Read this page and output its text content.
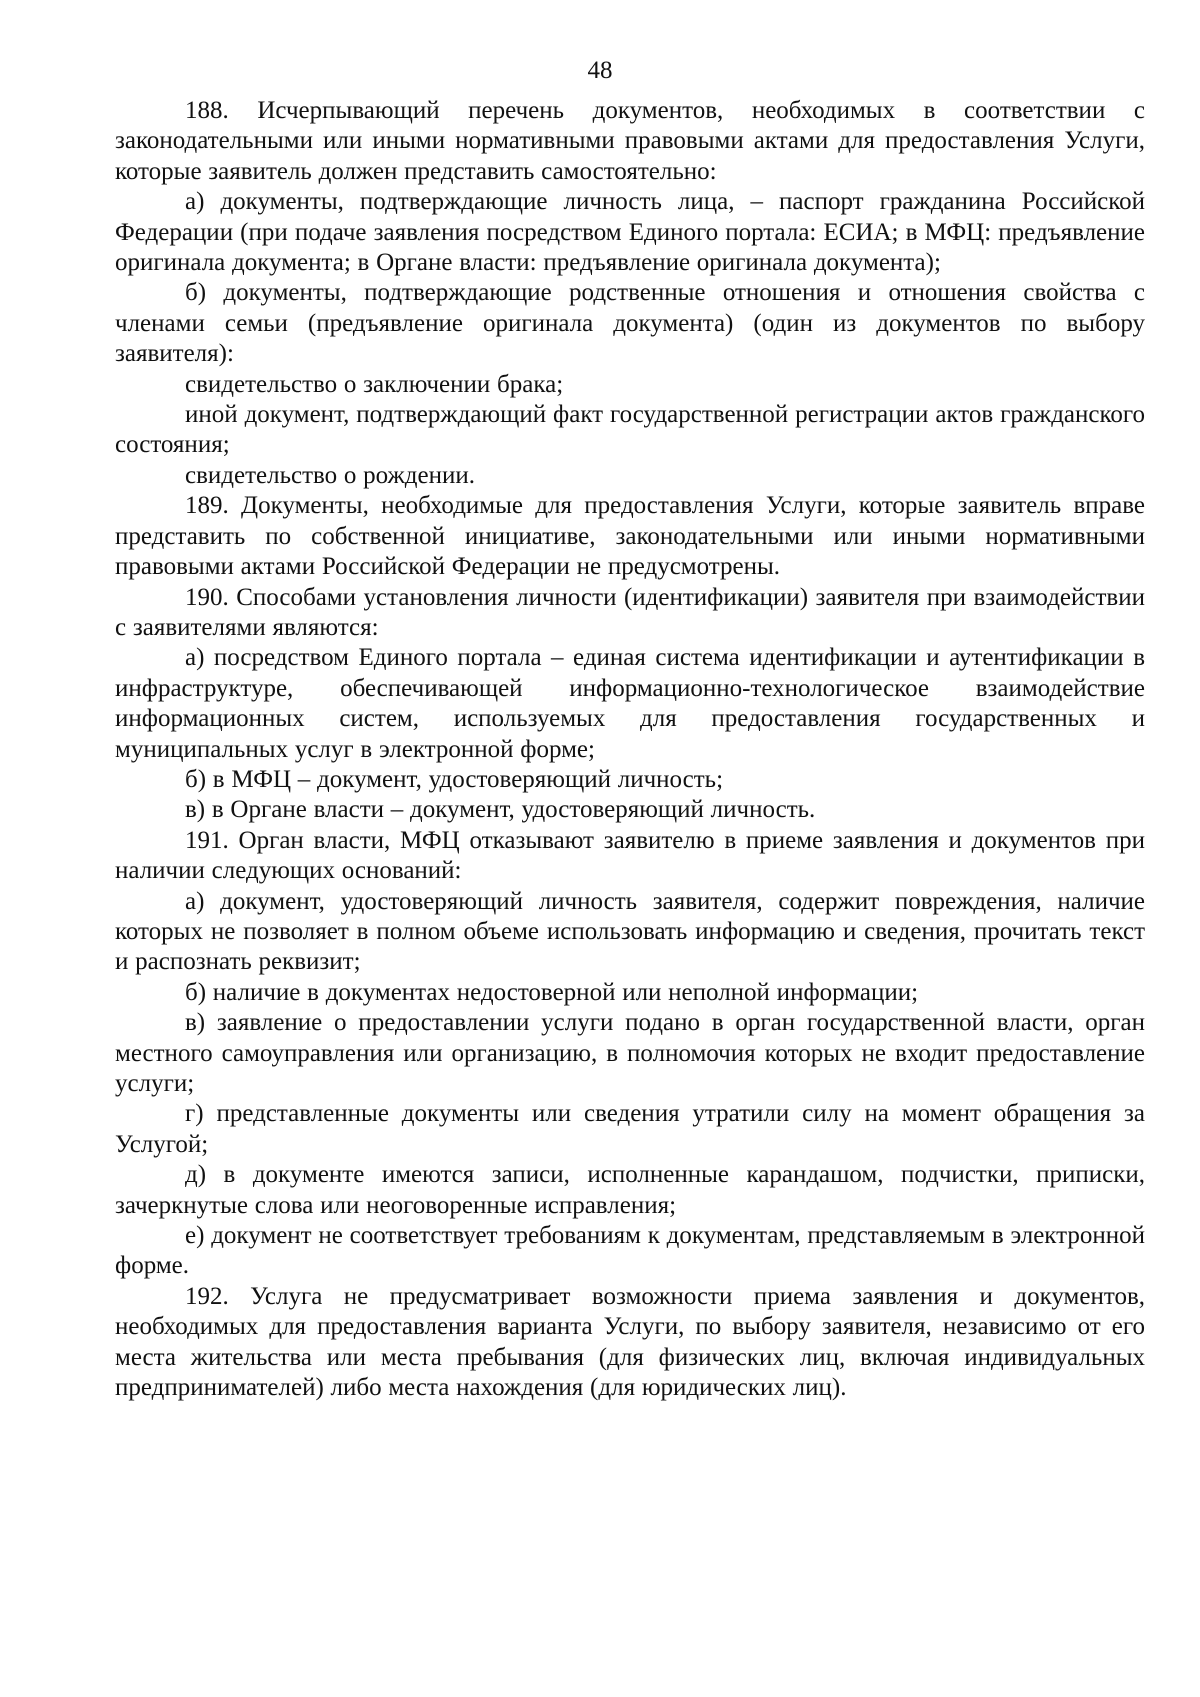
48

188. Исчерпывающий перечень документов, необходимых в соответствии с законодательными или иными нормативными правовыми актами для предоставления Услуги, которые заявитель должен представить самостоятельно:

а) документы, подтверждающие личность лица, – паспорт гражданина Российской Федерации (при подаче заявления посредством Единого портала: ЕСИА; в МФЦ: предъявление оригинала документа; в Органе власти: предъявление оригинала документа);

б) документы, подтверждающие родственные отношения и отношения свойства с членами семьи (предъявление оригинала документа) (один из документов по выбору заявителя):

свидетельство о заключении брака;

иной документ, подтверждающий факт государственной регистрации актов гражданского состояния;

свидетельство о рождении.

189. Документы, необходимые для предоставления Услуги, которые заявитель вправе представить по собственной инициативе, законодательными или иными нормативными правовыми актами Российской Федерации не предусмотрены.

190. Способами установления личности (идентификации) заявителя при взаимодействии с заявителями являются:

а) посредством Единого портала – единая система идентификации и аутентификации в инфраструктуре, обеспечивающей информационно-технологическое взаимодействие информационных систем, используемых для предоставления государственных и муниципальных услуг в электронной форме;

б) в МФЦ – документ, удостоверяющий личность;

в) в Органе власти – документ, удостоверяющий личность.

191. Орган власти, МФЦ отказывают заявителю в приеме заявления и документов при наличии следующих оснований:

а) документ, удостоверяющий личность заявителя, содержит повреждения, наличие которых не позволяет в полном объеме использовать информацию и сведения, прочитать текст и распознать реквизит;

б) наличие в документах недостоверной или неполной информации;

в) заявление о предоставлении услуги подано в орган государственной власти, орган местного самоуправления или организацию, в полномочия которых не входит предоставление услуги;

г) представленные документы или сведения утратили силу на момент обращения за Услугой;

д) в документе имеются записи, исполненные карандашом, подчистки, приписки, зачеркнутые слова или неоговоренные исправления;

е) документ не соответствует требованиям к документам, представляемым в электронной форме.

192. Услуга не предусматривает возможности приема заявления и документов, необходимых для предоставления варианта Услуги, по выбору заявителя, независимо от его места жительства или места пребывания (для физических лиц, включая индивидуальных предпринимателей) либо места нахождения (для юридических лиц).
